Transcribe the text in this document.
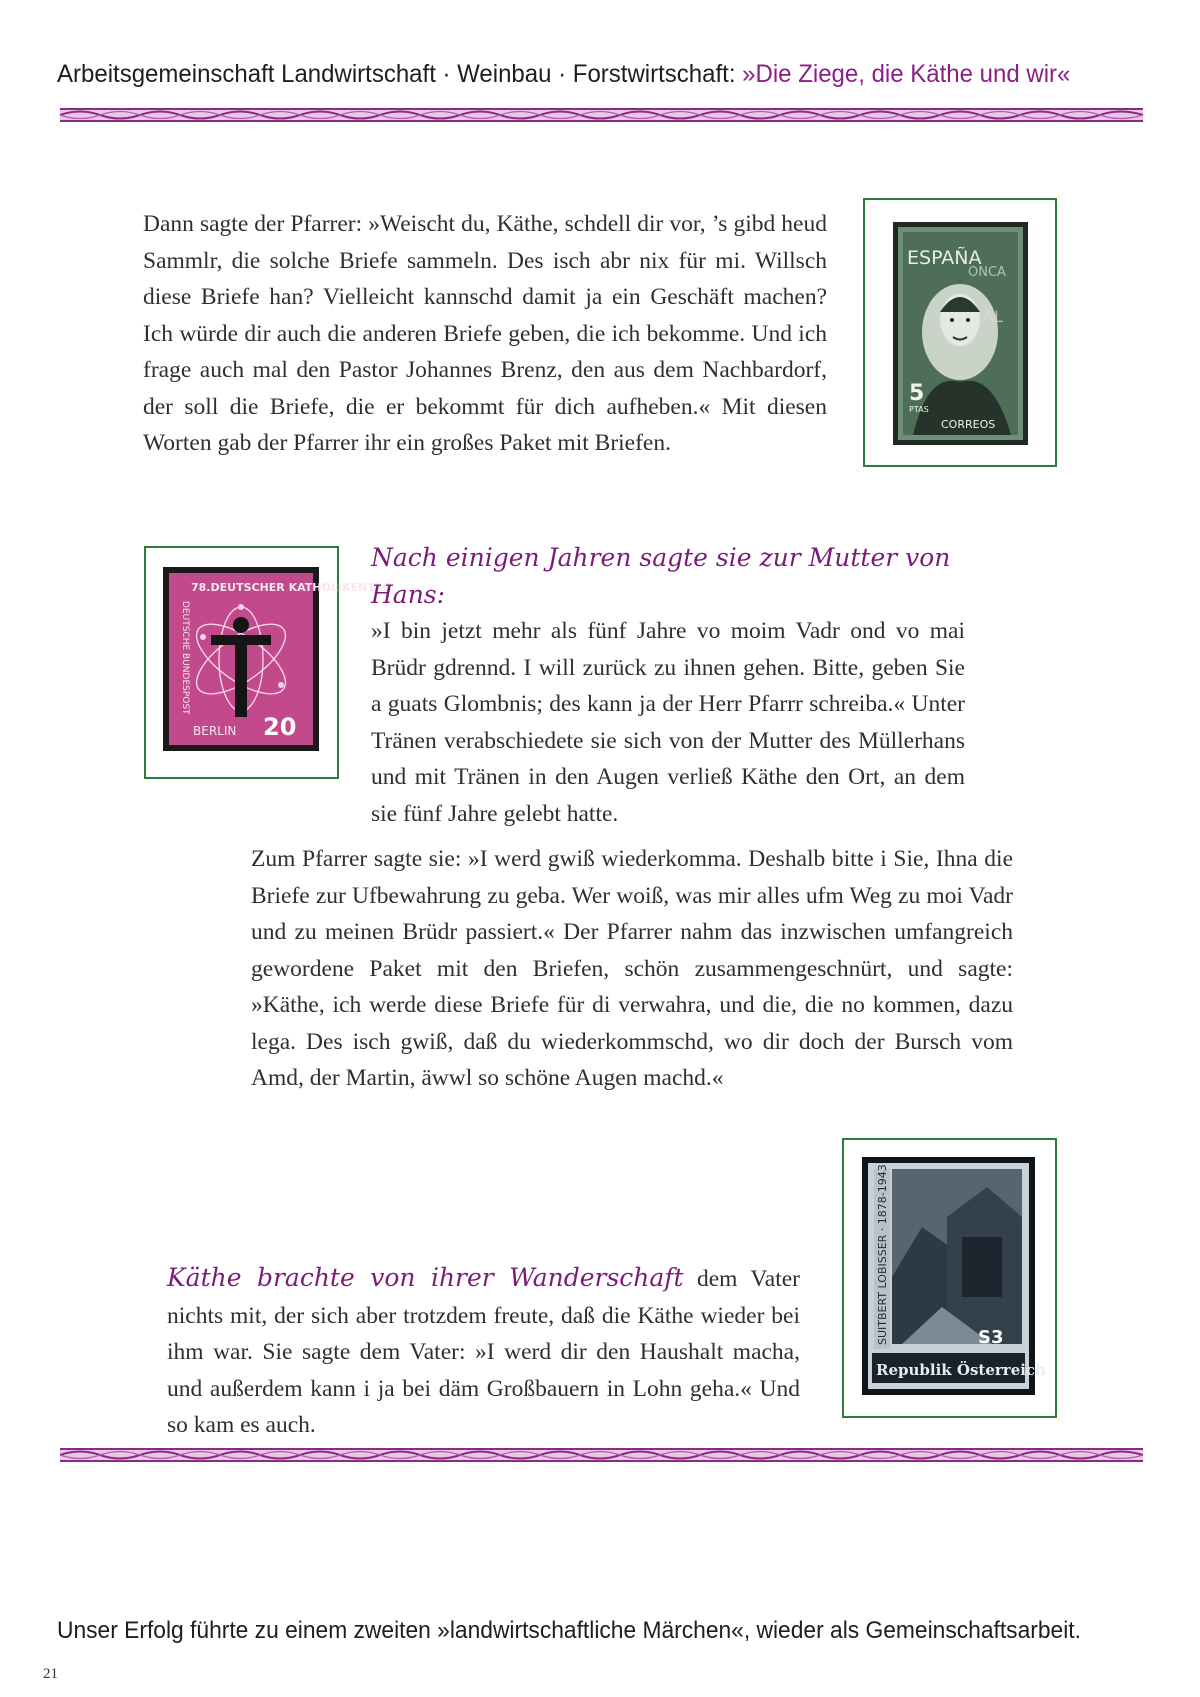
Arbeitsgemeinschaft Landwirtschaft · Weinbau · Forstwirtschaft: »Die Ziege, die Käthe und wir«

Dann sagte der Pfarrer: »Weischt du, Käthe, schdell dir vor, ’s gibd heud Sammlr, die solche Briefe sammeln. Des isch abr nix für mi. Willsch diese Briefe han? Vielleicht kannschd damit ja ein Geschäft machen? Ich würde dir auch die anderen Briefe geben, die ich bekomme. Und ich frage auch mal den Pastor Johannes Brenz, den aus dem Nachbardorf, der soll die Briefe, die er bekommt für dich aufheben.« Mit diesen Worten gab der Pfarrer ihr ein großes Paket mit Briefen.

ESPAÑA
ONCA
AL
5
PTAS
CORREOS
78.DEUTSCHER KATHOLIKENTAG
DEUTSCHE BUNDESPOST
BERLIN 20

Nach einigen Jahren sagte sie zur Mutter von Hans:
»I bin jetzt mehr als fünf Jahre vo moim Vadr ond vo mai Brüdr gdrennd. I will zurück zu ihnen gehen. Bitte, geben Sie a guats Glombnis; des kann ja der Herr Pfarrr schreiba.« Unter Tränen verabschiedete sie sich von der Mutter des Müllerhans und mit Tränen in den Augen verließ Käthe den Ort, an dem sie fünf Jahre gelebt hatte.

Zum Pfarrer sagte sie: »I werd gwiß wiederkomma. Deshalb bitte i Sie, Ihna die Briefe zur Ufbewahrung zu geba. Wer woiß, was mir alles ufm Weg zu moi Vadr und zu meinen Brüdr passiert.« Der Pfarrer nahm das inzwischen umfangreich gewordene Paket mit den Briefen, schön zusammengeschnürt, und sagte: »Käthe, ich werde diese Briefe für di verwahra, und die, die no kommen, dazu lega. Des isch gwiß, daß du wiederkommschd, wo dir doch der Bursch vom Amd, der Martin, äwwl so schöne Augen machd.«

SUITBERT LOBISSER · 1878-1943	S3
Republik Österreich

Käthe brachte von ihrer Wanderschaft dem Vater nichts mit, der sich aber trotzdem freute, daß die Käthe wieder bei ihm war. Sie sagte dem Vater: »I werd dir den Haushalt macha, und außerdem kann i ja bei däm Großbauern in Lohn geha.« Und so kam es auch.

Unser Erfolg führte zu einem zweiten »landwirtschaftliche Märchen«, wieder als Gemeinschaftsarbeit.
21
